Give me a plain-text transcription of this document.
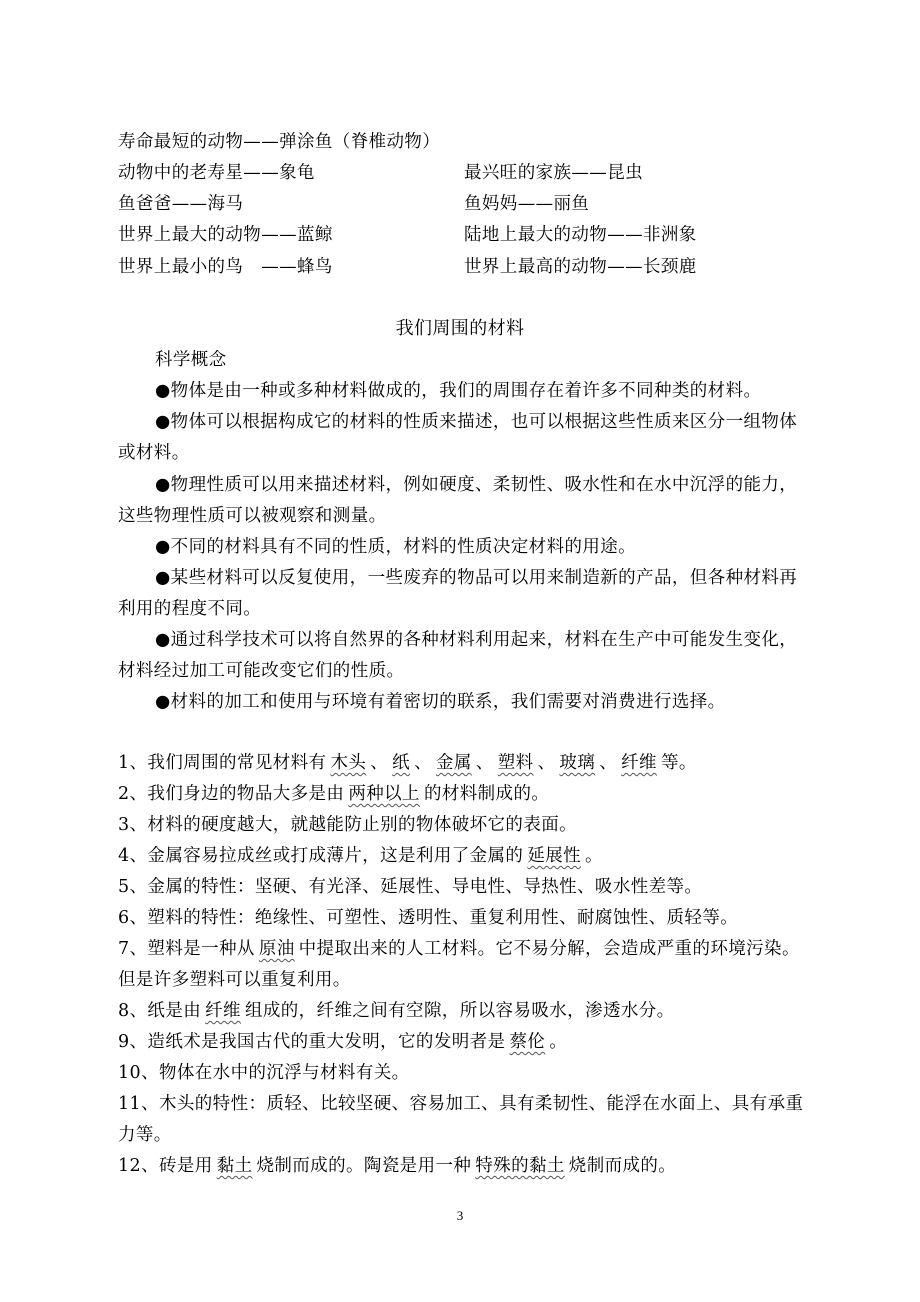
寿命最短的动物——弹涂鱼（脊椎动物）
动物中的老寿星——象龟	最兴旺的家族——昆虫
鱼爸爸——海马	鱼妈妈——丽鱼
世界上最大的动物——蓝鲸	陆地上最大的动物——非洲象
世界上最小的鸟　——蜂鸟	世界上最高的动物——长颈鹿
我们周围的材料
科学概念
●物体是由一种或多种材料做成的，我们的周围存在着许多不同种类的材料。
●物体可以根据构成它的材料的性质来描述，也可以根据这些性质来区分一组物体
或材料。
●物理性质可以用来描述材料，例如硬度、柔韧性、吸水性和在水中沉浮的能力，
这些物理性质可以被观察和测量。
●不同的材料具有不同的性质，材料的性质决定材料的用途。
●某些材料可以反复使用，一些废弃的物品可以用来制造新的产品，但各种材料再
利用的程度不同。
●通过科学技术可以将自然界的各种材料利用起来，材料在生产中可能发生变化，
材料经过加工可能改变它们的性质。
●材料的加工和使用与环境有着密切的联系，我们需要对消费进行选择。
1、我们周围的常见材料有 木头 、 纸 、 金属 、 塑料 、 玻璃 、 纤维 等。
2、我们身边的物品大多是由 两种以上 的材料制成的。
3、材料的硬度越大，就越能防止别的物体破坏它的表面。
4、金属容易拉成丝或打成薄片，这是利用了金属的 延展性 。
5、金属的特性：坚硬、有光泽、延展性、导电性、导热性、吸水性差等。
6、塑料的特性：绝缘性、可塑性、透明性、重复利用性、耐腐蚀性、质轻等。
7、塑料是一种从 原油 中提取出来的人工材料。它不易分解，会造成严重的环境污染。
但是许多塑料可以重复利用。
8、纸是由 纤维 组成的，纤维之间有空隙，所以容易吸水，渗透水分。
9、造纸术是我国古代的重大发明，它的发明者是 蔡伦 。
10、物体在水中的沉浮与材料有关。
11、木头的特性：质轻、比较坚硬、容易加工、具有柔韧性、能浮在水面上、具有承重
力等。
12、砖是用 黏土 烧制而成的。陶瓷是用一种 特殊的黏土 烧制而成的。
3
